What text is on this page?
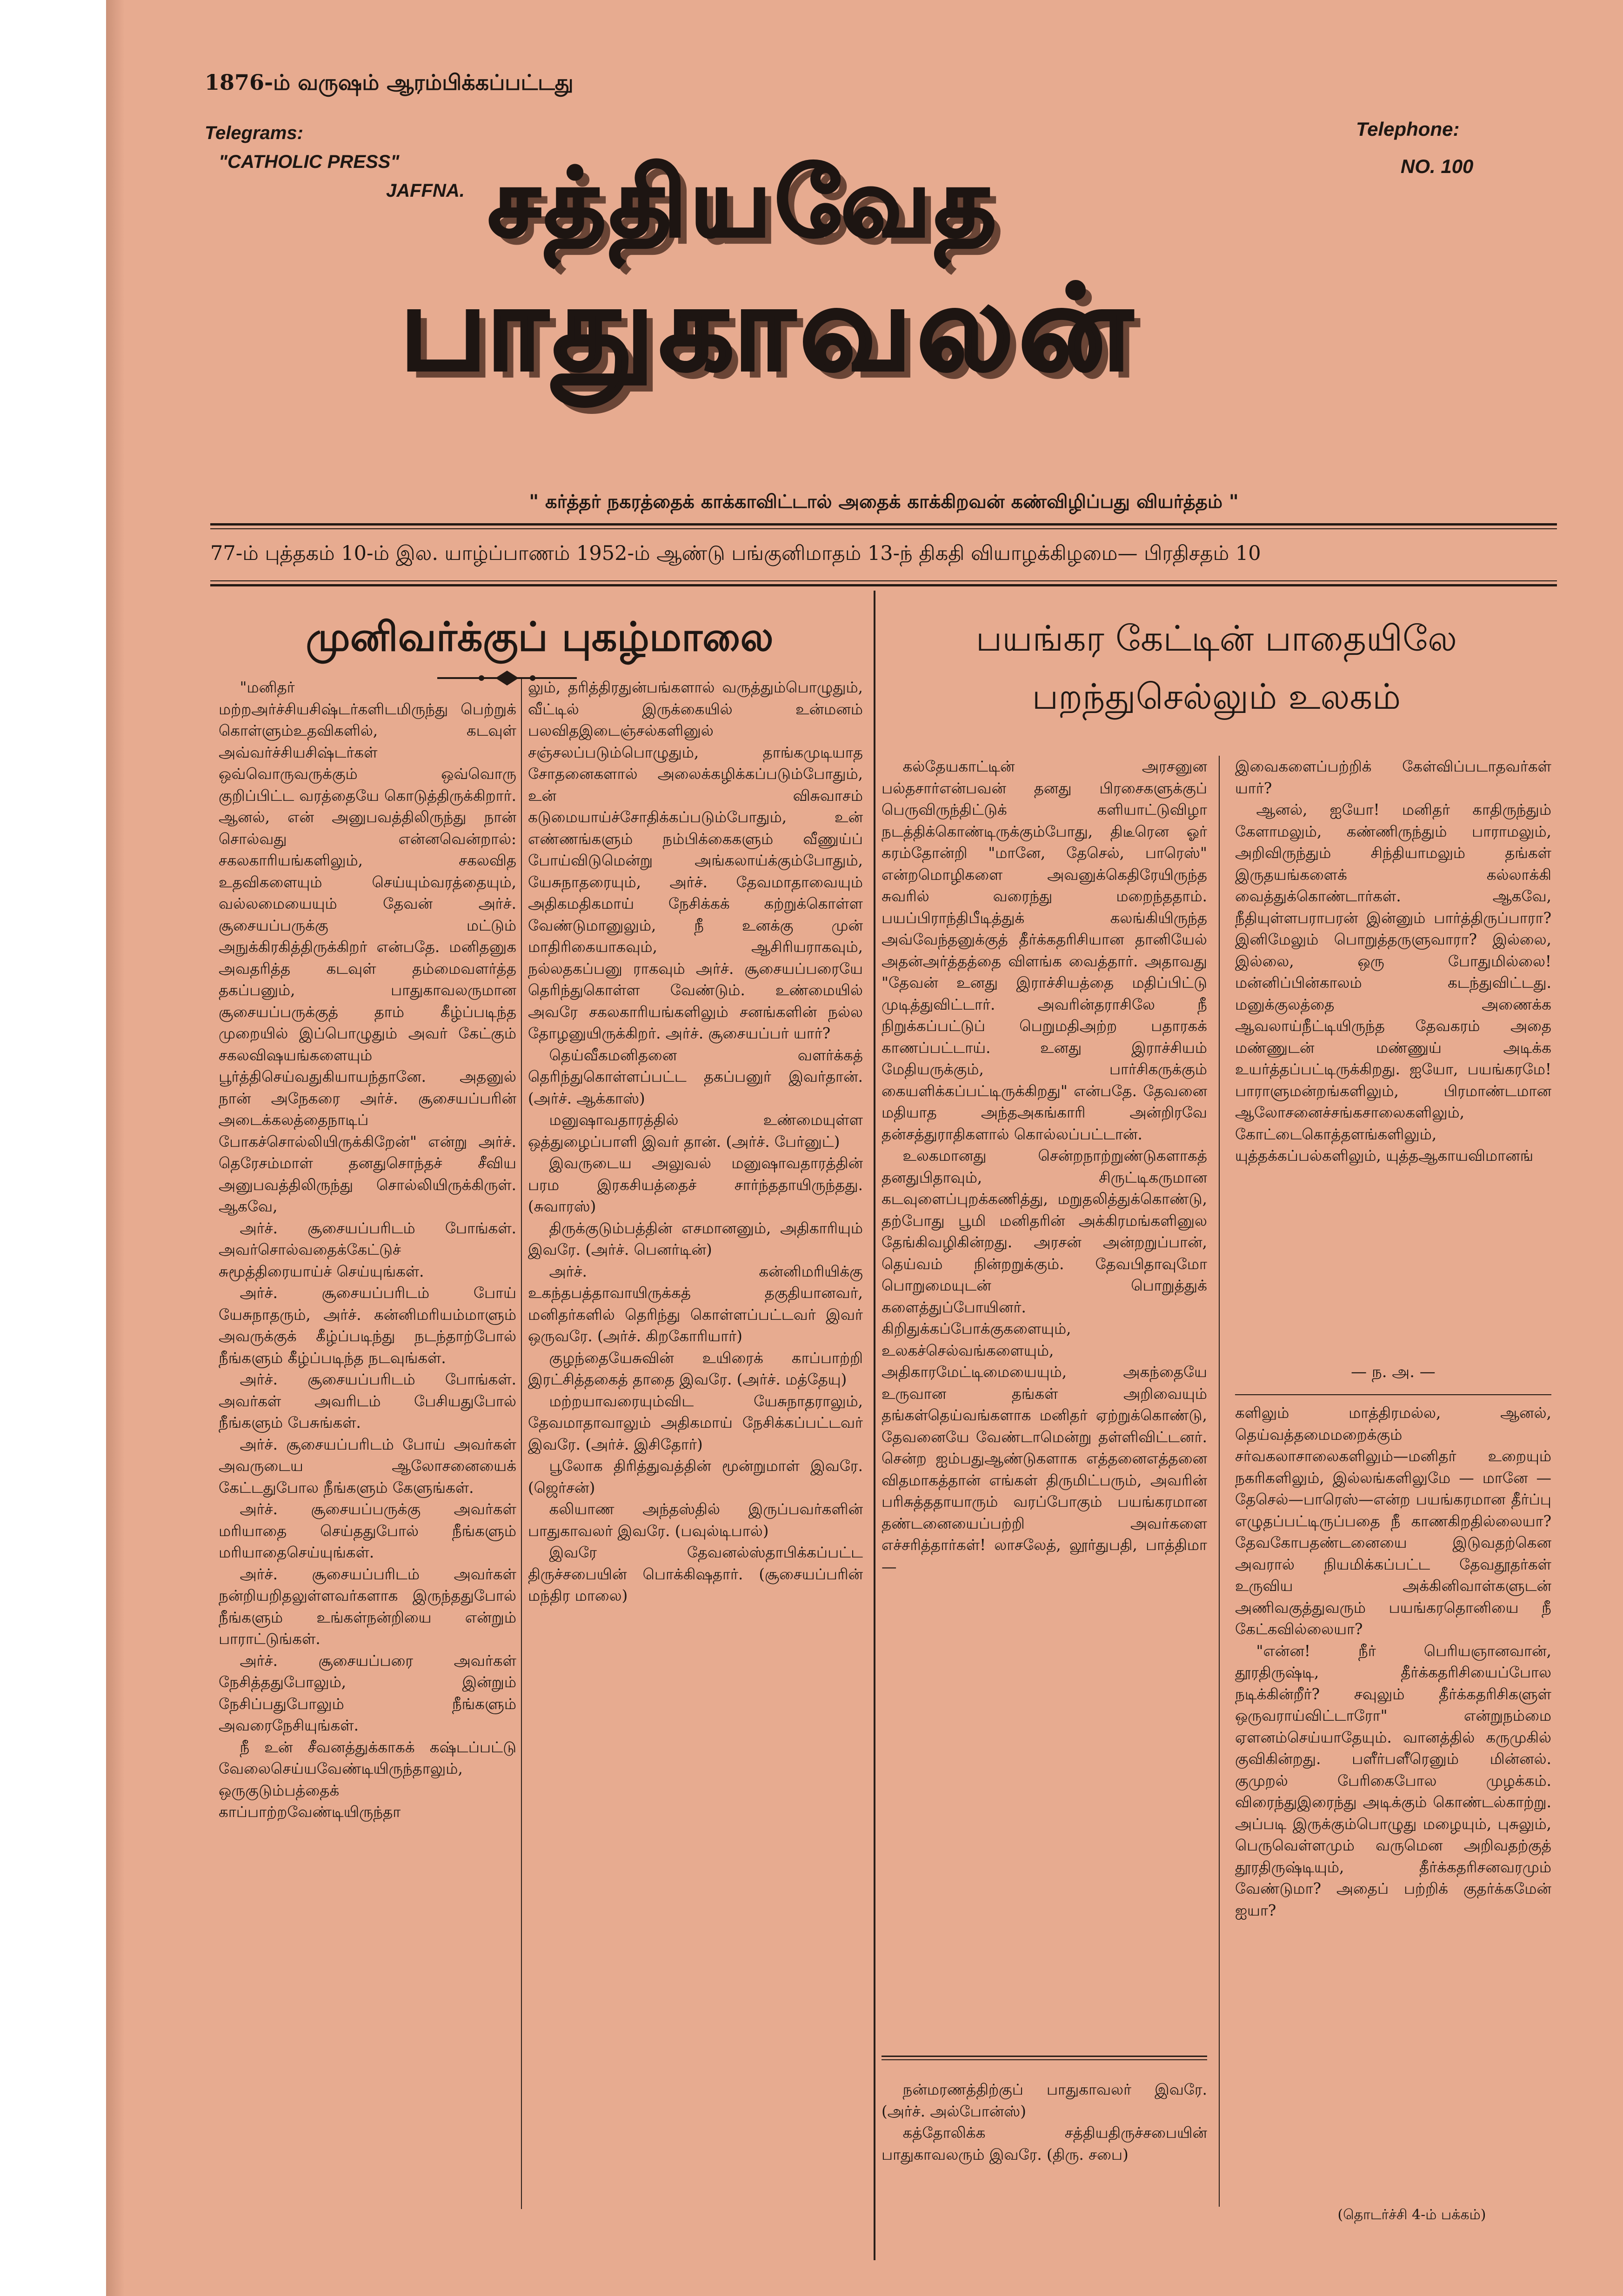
1876-ம் வருஷம் ஆரம்பிக்கப்பட்டது
Telegrams:
"CATHOLIC PRESS"
JAFFNA.
Telephone:
NO. 100
சத்தியவேத
பாதுகாவலன்
" கர்த்தர் நகரத்தைக் காக்காவிட்டால் அதைக் காக்கிறவன் கண்விழிப்பது வியர்த்தம் "
77-ம் புத்தகம் 10-ம் இல. யாழ்ப்பாணம் 1952-ம் ஆண்டு பங்குனிமாதம் 13-ந் திகதி வியாழக்கிழமை— பிரதிசதம் 10
முனிவர்க்குப் புகழ்மாலை	பயங்கர கேட்டின் பாதையிலே
பறந்துசெல்லும் உலகம்

"மனிதர் மற்றஅர்ச்சியசிஷ்டர்களிடமிருந்து பெற்றுக் கொள்ளும்உதவிகளில், கடவுள் அவ்வர்ச்சியசிஷ்டர்கள் ஒவ்வொருவருக்கும் ஒவ்வொரு குறிப்பிட்ட வரத்தையே கொடுத்திருக்கிறார். ஆனல், என் அனுபவத்திலிருந்து நான் சொல்வது என்னவென்றால்: சகலகாரியங்களிலும், சகலவித உதவிகளையும் செய்யும்வரத்தையும், வல்லமையையும் தேவன் அர்ச். சூசையப்பருக்கு மட்டும் அநுக்கிரகித்திருக்கிறர் என்பதே. மனிதனுக அவதரித்த கடவுள் தம்மைவளர்த்த தகப்பனும், பாதுகாவலருமான சூசையப்பருக்குத் தாம் கீழ்ப்படிந்த முறையில் இப்பொழுதும் அவர் கேட்கும் சகலவிஷயங்களையும் பூர்த்திசெய்வதுகியாயந்தானே. அதனுல் நான் அநேகரை அர்ச். சூசையப்பரின் அடைக்கலத்தைநாடிப் போகச்சொல்லியிருக்கிறேன்" என்று அர்ச். தெரேசம்மாள் தனதுசொந்தச் சீவிய அனுபவத்திலிருந்து சொல்லியிருக்கிருள். ஆகவே,

அர்ச். சூசையப்பரிடம் போங்கள். அவர்சொல்வதைக்கேட்டுச் சுமூத்திரையாய்ச் செய்யுங்கள்.

அர்ச். சூசையப்பரிடம் போய் யேசுநாதரும், அர்ச். கன்னிமரியம்மாளும் அவருக்குக் கீழ்ப்படிந்து நடந்தாற்போல் நீங்களும் கீழ்ப்படிந்த நடவுங்கள்.

அர்ச். சூசையப்பரிடம் போங்கள். அவர்கள் அவரிடம் பேசியதுபோல் நீங்களும் பேசுங்கள்.

அர்ச். சூசையப்பரிடம் போய் அவர்கள் அவருடைய ஆலோசனையைக் கேட்டதுபோல நீங்களும் கேளுங்கள்.

அர்ச். சூசையப்பருக்கு அவர்கள் மரியாதை செய்ததுபோல் நீங்களும் மரியாதைசெய்யுங்கள்.

அர்ச். சூசையப்பரிடம் அவர்கள் நன்றியறிதலுள்ளவர்களாக இருந்ததுபோல் நீங்களும் உங்கள்நன்றியை என்றும் பாராட்டுங்கள்.

அர்ச். சூசையப்பரை அவர்கள் நேசித்ததுபோலும், இன்றும் நேசிப்பதுபோலும் நீங்களும் அவரைநேசியுங்கள்.

நீ உன் சீவனத்துக்காகக் கஷ்டப்பட்டு வேலைசெய்யவேண்டியிருந்தாலும், ஒருகுடும்பத்தைக் காப்பாற்றவேண்டியிருந்தா

லும், தரித்திரதுன்பங்களால் வருத்தும்பொழுதும், வீட்டில் இருக்கையில் உன்மனம் பலவிதஇடைஞ்சல்களினுல் சஞ்சலப்படும்பொழுதும், தாங்கமுடியாத சோதனைகளால் அலைக்கழிக்கப்படும்போதும், உன் விசுவாசம் கடுமையாய்ச்சோதிக்கப்படும்போதும், உன் எண்ணங்களும் நம்பிக்கைகளும் வீணுய்ப் போய்விடுமென்று அங்கலாய்க்கும்போதும், யேசுநாதரையும், அர்ச். தேவமாதாவையும் அதிகமதிகமாய் நேசிக்கக் கற்றுக்கொள்ள வேண்டுமானுலும், நீ உனக்கு முன் மாதிரிகையாகவும், ஆசிரியராகவும், நல்லதகப்பனு ராகவும் அர்ச். சூசையப்பரையே தெரிந்துகொள்ள வேண்டும். உண்மையில் அவரே சகலகாரியங்களிலும் சனங்களின் நல்ல தோழனுயிருக்கிறர். அர்ச். சூசையப்பர் யார்?

தெய்வீகமனிதனை வளர்க்கத் தெரிந்துகொள்ளப்பட்ட தகப்பனுர் இவர்தான். (அர்ச். ஆக்காஸ்)

மனுஷாவதாரத்தில் உண்மையுள்ள ஒத்துழைப்பாளி இவர் தான். (அர்ச். பேர்னுட்)

இவருடைய அலுவல் மனுஷாவதாரத்தின் பரம இரகசியத்தைச் சார்ந்ததாயிருந்தது. (சுவாரஸ்)

திருக்குடும்பத்தின் எசமானனும், அதிகாரியும் இவரே. (அர்ச். பெனர்டின்)

அர்ச். கன்னிமரியிக்கு உகந்தபத்தாவாயிருக்கத் தகுதியானவர், மனிதர்களில் தெரிந்து கொள்ளப்பட்டவர் இவர் ஒருவரே. (அர்ச். கிறகோரியார்)

குழந்தையேசுவின் உயிரைக் காப்பாற்றி இரட்சித்தகைத் தாதை இவரே. (அர்ச். மத்தேயு)

மற்றயாவரையும்விட யேசுநாதராலும், தேவமாதாவாலும் அதிகமாய் நேசிக்கப்பட்டவர் இவரே. (அர்ச். இசிதோர்)

பூலோக திரித்துவத்தின் மூன்றுமாள் இவரே. (ஜெர்சன்)

கலியாண அந்தஸ்தில் இருப்பவர்களின் பாதுகாவலர் இவரே. (பவுல்டிபால்)

இவரே தேவனல்ஸ்தாபிக்கப்பட்ட திருச்சபையின் பொக்கிஷதார். (சூசையப்பரின் மந்திர மாலை)

கல்தேயகாட்டின் அரசனுன பல்தசார்என்பவன் தனது பிரசைகளுக்குப் பெருவிருந்திட்டுக் களியாட்டுவிழா நடத்திக்கொண்டிருக்கும்போது, திடீரென ஓர் கரம்தோன்றி "மானே, தேசெல், பாரெஸ்" என்றமொழிகளை அவனுக்கெதிரேயிருந்த சுவரில் வரைந்து மறைந்ததாம். பயப்பிராந்திபீடித்துக் கலங்கியிருந்த அவ்வேந்தனுக்குத் தீர்க்கதரிசியான தானியேல் அதன்அர்த்தத்தை விளங்க வைத்தார். அதாவது "தேவன் உனது இராச்சியத்தை மதிப்பிட்டு முடித்துவிட்டார். அவரின்தராசிலே நீ நிறுக்கப்பட்டுப் பெறுமதிஅற்ற பதாரகக் காணப்பட்டாய். உனது இராச்சியம் மேதியருக்கும், பார்சிகருக்கும் கையளிக்கப்பட்டிருக்கிறது" என்பதே. தேவனை மதியாத அந்தஅகங்காரி அன்றிரவே தன்சத்துராதிகளால் கொல்லப்பட்டான்.

உலகமானது சென்றநாற்றுண்டுகளாகத் தனதுபிதாவும், சிருட்டிகருமான கடவுளைப்புறக்கணித்து, மறுதலித்துக்கொண்டு, தற்போது பூமி மனிதரின் அக்கிரமங்களினுல தேங்கிவழிகின்றது. அரசன் அன்றறுப்பான், தெய்வம் நின்றறுக்கும். தேவபிதாவுமோ பொறுமையுடன் பொறுத்துக் களைத்துப்போயினர். கிறிதுக்கப்போக்குகளையும், உலகச்செல்வங்களையும், அதிகாரமேட்டிமையையும், அகந்தையே உருவான தங்கள் அறிவையும் தங்கள்தெய்வங்களாக மனிதர் ஏற்றுக்கொண்டு, தேவனையே வேண்டாமென்று தள்ளிவிட்டனர். சென்ற ஐம்பதுஆண்டுகளாக எத்தனைஎத்தனை விதமாகத்தான் எங்கள் திருமிட்பரும், அவரின் பரிசுத்ததாயாரும் வரப்போகும் பயங்கரமான தண்டனையைப்பற்றி அவர்களை எச்சரித்தார்கள்! லாசலேத், லூர்துபதி, பாத்திமா—

நன்மரணத்திற்குப் பாதுகாவலர் இவரே. (அர்ச். அல்போன்ஸ்)

கத்தோலிக்க சத்தியதிருச்சபையின் பாதுகாவலரும் இவரே. (திரு. சபை)

இவைகளைப்பற்றிக் கேள்விப்படாதவர்கள் யார்?

ஆனல், ஐயோ! மனிதர் காதிருந்தும் கேளாமலும், கண்ணிருந்தும் பாராமலும், அறிவிருந்தும் சிந்தியாமலும் தங்கள் இருதயங்களைக் கல்லாக்கி வைத்துக்கொண்டார்கள். ஆகவே, நீதியுள்ளபராபரன் இன்னும் பார்த்திருப்பாரா? இனிமேலும் பொறுத்தருளுவாரா? இல்லை, இல்லை, ஒரு போதுமில்லை! மன்னிப்பின்காலம் கடந்துவிட்டது. மனுக்குலத்தை அணைக்க ஆவலாய்நீட்டியிருந்த தேவகரம் அதை மண்ணுடன் மண்ணுய் அடிக்க உயர்த்தப்பட்டிருக்கிறது. ஐயோ, பயங்கரமே! பாராளுமன்றங்களிலும், பிரமாண்டமான ஆலோசனைச்சங்கசாலைகளிலும், கோட்டைகொத்தளங்களிலும், யுத்தக்கப்பல்களிலும், யுத்தஆகாயவிமானங்

— ந. அ. —

களிலும் மாத்திரமல்ல, ஆனல், தெய்வத்தமைமறைக்கும் சர்வகலாசாலைகளிலும்—மனிதர் உறையும் நகரிகளிலும், இல்லங்களிலுமே — மானே — தேசெல்—பாரெஸ்—என்ற பயங்கரமான தீர்ப்பு எழுதப்பட்டிருப்பதை நீ காணகிறதில்லையா? தேவகோபதண்டனையை இடுவதற்கென அவரால் நியமிக்கப்பட்ட தேவதூதர்கள் உருவிய அக்கினிவாள்களுடன் அணிவகுத்துவரும் பயங்கரதொனியை நீ கேட்கவில்லையா?

"என்ன! நீர் பெரியஞானவான், தூரதிருஷ்டி, தீர்க்கதரிசியைப்போல நடிக்கின்றீர்? சவுலும் தீர்க்கதரிசிகளுள் ஒருவராய்விட்டாரோ" என்றுநம்மை ஏளனம்செய்யாதேயும். வானத்தில் கருமுகில் குவிகின்றது. பளீர்பளீரெனும் மின்னல். குமுறல் பேரிகைபோல முழக்கம். விரைந்துஇரைந்து அடிக்கும் கொண்டல்காற்று. அப்படி இருக்கும்பொழுது மழையும், புசுலும், பெருவெள்ளமும் வருமென அறிவதற்குத் தூரதிருஷ்டியும், தீர்க்கதரிசனவரமும் வேண்டுமா? அதைப் பற்றிக் குதர்க்கமேன் ஐயா?

(தொடர்ச்சி 4-ம் பக்கம்)
